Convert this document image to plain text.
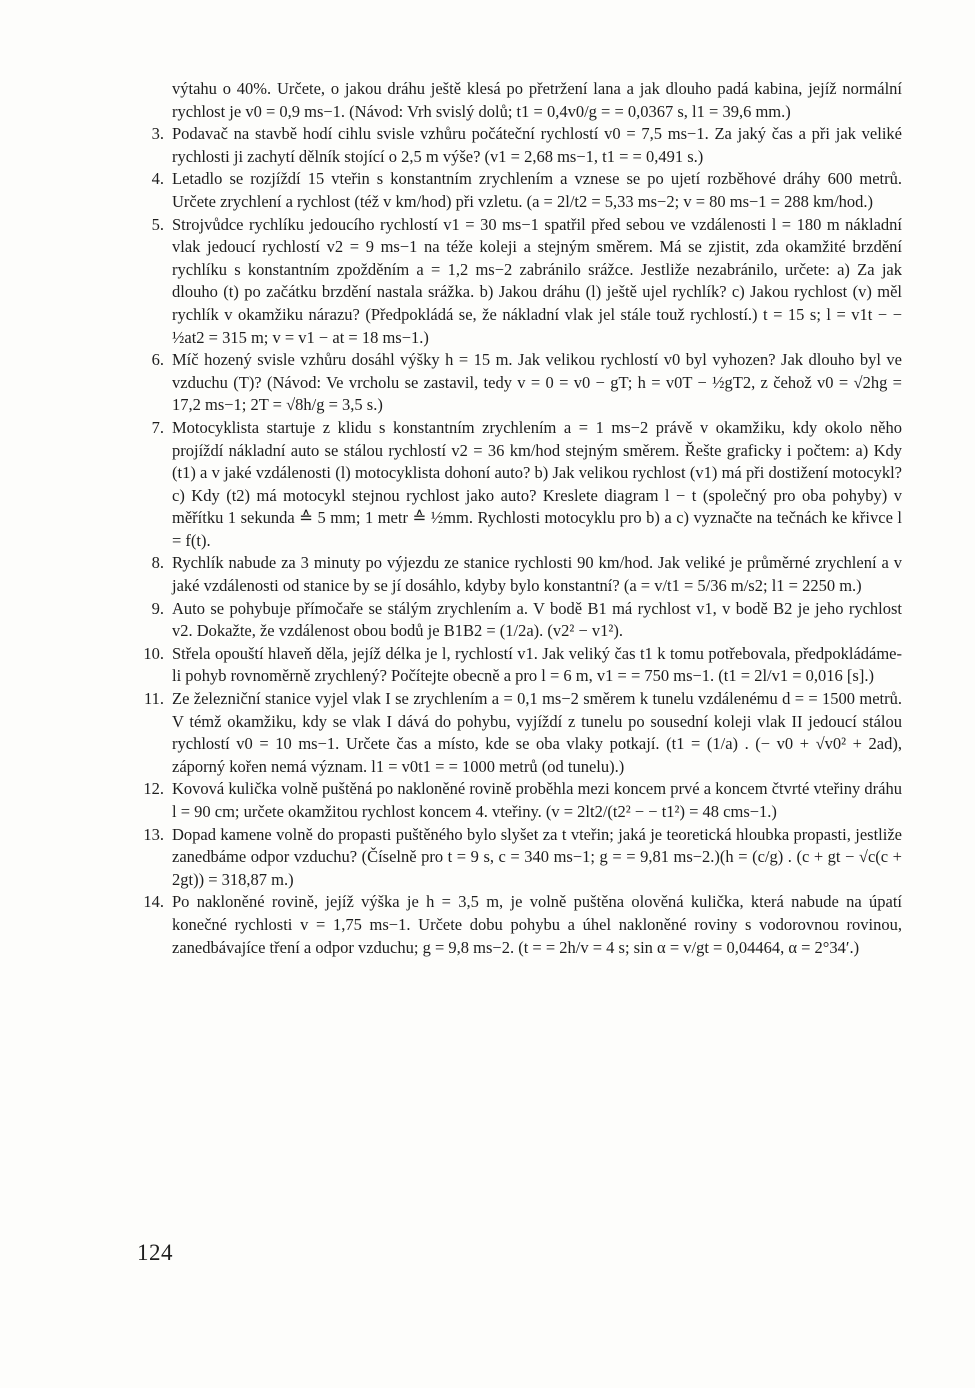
výtahu o 40%. Určete, o jakou dráhu ještě klesá po přetržení lana a jak dlouho padá kabina, jejíž normální rychlost je v0 = 0,9 ms−1. (Návod: Vrh svislý dolů; t1 = 0,4v0/g = = 0,0367 s, l1 = 39,6 mm.)

3. Podavač na stavbě hodí cihlu svisle vzhůru počáteční rychlostí v0 = 7,5 ms−1. Za jaký čas a při jak veliké rychlosti ji zachytí dělník stojící o 2,5 m výše? (v1 = 2,68 ms−1, t1 = = 0,491 s.)
4. Letadlo se rozjíždí 15 vteřin s konstantním zrychlením a vznese se po ujetí rozběhové dráhy 600 metrů. Určete zrychlení a rychlost (též v km/hod) při vzletu. (a = 2l/t2 = 5,33 ms−2; v = 80 ms−1 = 288 km/hod.)
5. Strojvůdce rychlíku jedoucího rychlostí v1 = 30 ms−1 spatřil před sebou ve vzdálenosti l = 180 m nákladní vlak jedoucí rychlostí v2 = 9 ms−1 na téže koleji a stejným směrem. Má se zjistit, zda okamžité brzdění rychlíku s konstantním zpožděním a = 1,2 ms−2 zabránilo srážce. Jestliže nezabránilo, určete: a) Za jak dlouho (t) po začátku brzdění nastala srážka. b) Jakou dráhu (l) ještě ujel rychlík? c) Jakou rychlost (v) měl rychlík v okamžiku nárazu? (Předpokládá se, že nákladní vlak jel stále touž rychlostí.) t = 15 s; l = v1t − − ½at2 = 315 m; v = v1 − at = 18 ms−1.)
6. Míč hozený svisle vzhůru dosáhl výšky h = 15 m. Jak velikou rychlostí v0 byl vyhozen? Jak dlouho byl ve vzduchu (T)? (Návod: Ve vrcholu se zastavil, tedy v = 0 = v0 − gT; h = v0T − ½gT2, z čehož v0 = √2hg = 17,2 ms−1; 2T = √8h/g = 3,5 s.)
7. Motocyklista startuje z klidu s konstantním zrychlením a = 1 ms−2 právě v okamžiku, kdy okolo něho projíždí nákladní auto se stálou rychlostí v2 = 36 km/hod stejným směrem. Řešte graficky i počtem: a) Kdy (t1) a v jaké vzdálenosti (l) motocyklista dohoní auto? b) Jak velikou rychlost (v1) má při dostižení motocykl? c) Kdy (t2) má motocykl stejnou rychlost jako auto? Kreslete diagram l − t (společný pro oba pohyby) v měřítku 1 sekunda ≙ 5 mm; 1 metr ≙ ½mm. Rychlosti motocyklu pro b) a c) vyznačte na tečnách ke křivce l = f(t).
8. Rychlík nabude za 3 minuty po výjezdu ze stanice rychlosti 90 km/hod. Jak veliké je průměrné zrychlení a v jaké vzdálenosti od stanice by se jí dosáhlo, kdyby bylo konstantní? (a = v/t1 = 5/36 m/s2; l1 = 2250 m.)
9. Auto se pohybuje přímočaře se stálým zrychlením a. V bodě B1 má rychlost v1, v bodě B2 je jeho rychlost v2. Dokažte, že vzdálenost obou bodů je B1B2 = (1/2a). (v2² − v1²).
10. Střela opouští hlaveň děla, jejíž délka je l, rychlostí v1. Jak veliký čas t1 k tomu potřebovala, předpokládáme-li pohyb rovnoměrně zrychlený? Počítejte obecně a pro l = 6 m, v1 = = 750 ms−1. (t1 = 2l/v1 = 0,016 [s].)
11. Ze železniční stanice vyjel vlak I se zrychlením a = 0,1 ms−2 směrem k tunelu vzdálenému d = = 1500 metrů. V témž okamžiku, kdy se vlak I dává do pohybu, vyjíždí z tunelu po sousední koleji vlak II jedoucí stálou rychlostí v0 = 10 ms−1. Určete čas a místo, kde se oba vlaky potkají. (t1 = (1/a) . (− v0 + √v0² + 2ad), záporný kořen nemá význam. l1 = v0t1 = = 1000 metrů (od tunelu).)
12. Kovová kulička volně puštěná po nakloněné rovině proběhla mezi koncem prvé a koncem čtvrté vteřiny dráhu l = 90 cm; určete okamžitou rychlost koncem 4. vteřiny. (v = 2lt2/(t2² − − t1²) = 48 cms−1.)
13. Dopad kamene volně do propasti puštěného bylo slyšet za t vteřin; jaká je teoretická hloubka propasti, jestliže zanedbáme odpor vzduchu? (Číselně pro t = 9 s, c = 340 ms−1; g = = 9,81 ms−2.)(h = (c/g) . (c + gt − √c(c + 2gt)) = 318,87 m.)
14. Po nakloněné rovině, jejíž výška je h = 3,5 m, je volně puštěna olověná kulička, která nabude na úpatí konečné rychlosti v = 1,75 ms−1. Určete dobu pohybu a úhel nakloněné roviny s vodorovnou rovinou, zanedbávajíce tření a odpor vzduchu; g = 9,8 ms−2. (t = = 2h/v = 4 s; sin α = v/gt = 0,04464, α = 2°34′.)
124
